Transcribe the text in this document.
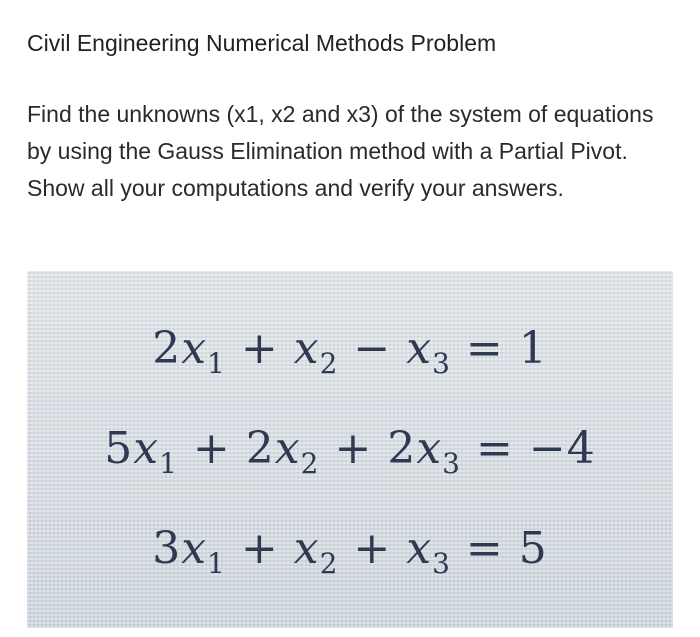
Civil Engineering Numerical Methods Problem
Find the unknowns (x1, x2 and x3) of the system of equations by using the Gauss Elimination method with a Partial Pivot. Show all your computations and verify your answers.
$2x_1 + x_2 - x_3 = 1$
$5x_1 + 2x_2 + 2x_3 = -4$
$3x_1 + x_2 + x_3 = 5$
